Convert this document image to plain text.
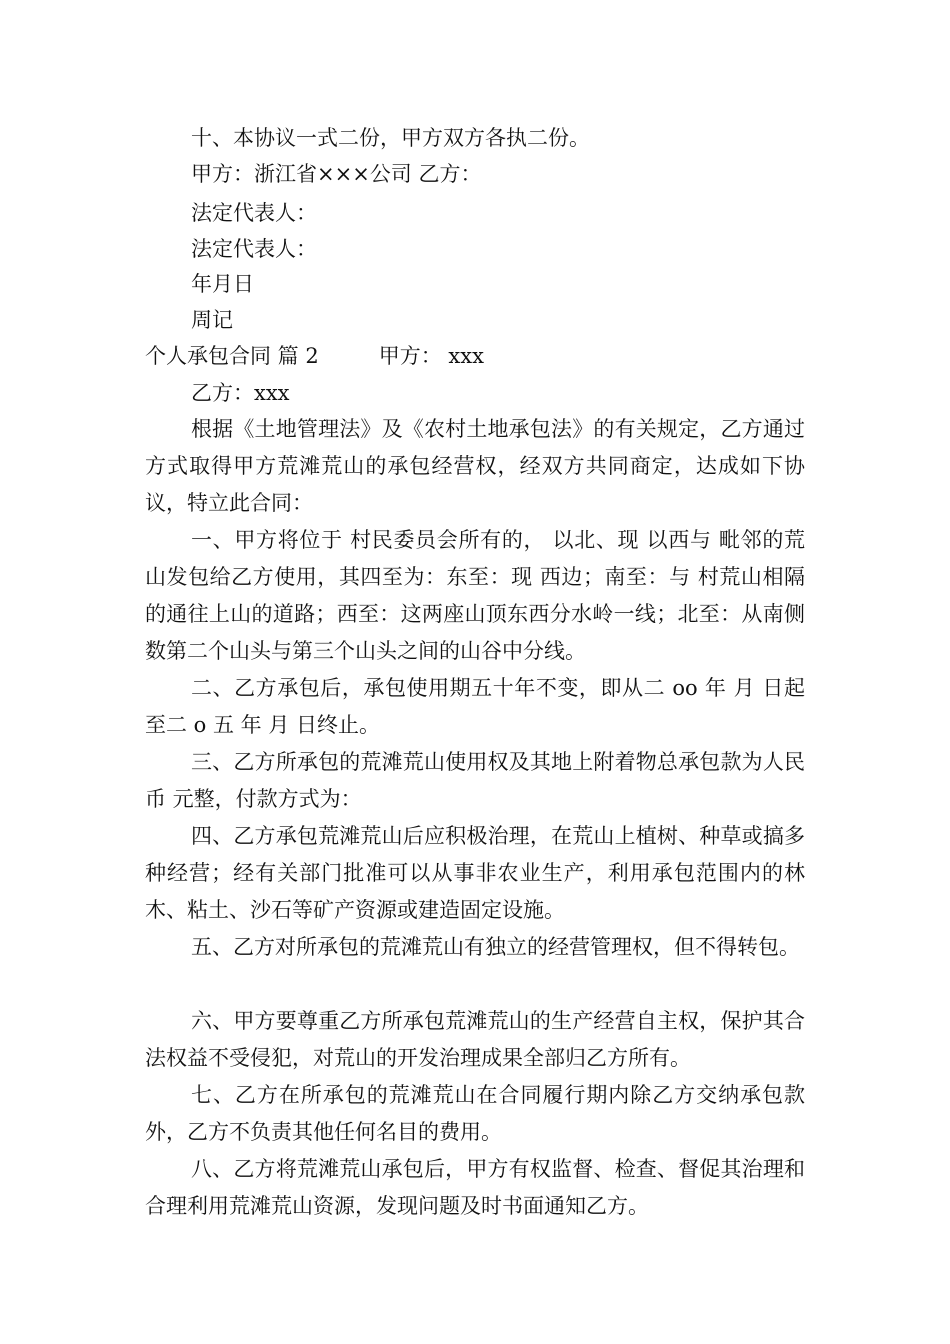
十、本协议一式二份，甲方双方各执二份。
甲方：浙江省×××公司 乙方：
法定代表人：
法定代表人：
年月日
周记
个人承包合同 篇 2	甲方： xxx
乙方：xxx
根据《土地管理法》及《农村土地承包法》的有关规定，乙方通过 方式取得甲方荒滩荒山的承包经营权，经双方共同商定，达成如下协议，特立此合同：
一、甲方将位于 村民委员会所有的， 以北、现 以西与 毗邻的荒山发包给乙方使用，其四至为：东至：现 西边；南至：与 村荒山相隔的通往上山的道路；西至：这两座山顶东西分水岭一线；北至：从南侧数第二个山头与第三个山头之间的山谷中分线。
二、乙方承包后，承包使用期五十年不变，即从二 oo 年 月 日起至二 o 五 年 月 日终止。
三、乙方所承包的荒滩荒山使用权及其地上附着物总承包款为人民币 元整，付款方式为：
四、乙方承包荒滩荒山后应积极治理，在荒山上植树、种草或搞多种经营；经有关部门批准可以从事非农业生产，利用承包范围内的林木、粘土、沙石等矿产资源或建造固定设施。
五、乙方对所承包的荒滩荒山有独立的经营管理权，但不得转包。
六、甲方要尊重乙方所承包荒滩荒山的生产经营自主权，保护其合法权益不受侵犯，对荒山的开发治理成果全部归乙方所有。
七、乙方在所承包的荒滩荒山在合同履行期内除乙方交纳承包款外，乙方不负责其他任何名目的费用。
八、乙方将荒滩荒山承包后，甲方有权监督、检查、督促其治理和合理利用荒滩荒山资源，发现问题及时书面通知乙方。
